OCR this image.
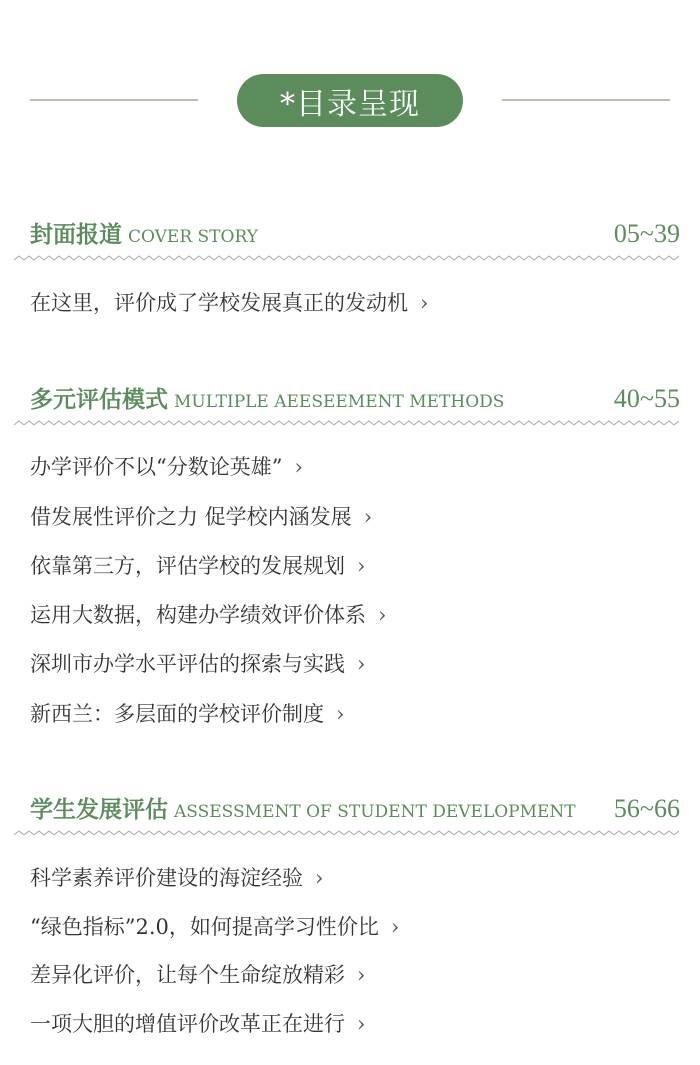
*目录呈现
封面报道 COVER STORY	05~39
在这里，评价成了学校发展真正的发动机 ›
多元评估模式 MULTIPLE AEESEEMENT METHODS	40~55
办学评价不以“分数论英雄” ›
借发展性评价之力 促学校内涵发展 ›
依靠第三方，评估学校的发展规划 ›
运用大数据，构建办学绩效评价体系 ›
深圳市办学水平评估的探索与实践 ›
新西兰：多层面的学校评价制度 ›
学生发展评估 ASSESSMENT OF STUDENT DEVELOPMENT 56~66
科学素养评价建设的海淀经验 ›
“绿色指标”2.0，如何提高学习性价比 ›
差异化评价，让每个生命绽放精彩 ›
一项大胆的增值评价改革正在进行 ›
